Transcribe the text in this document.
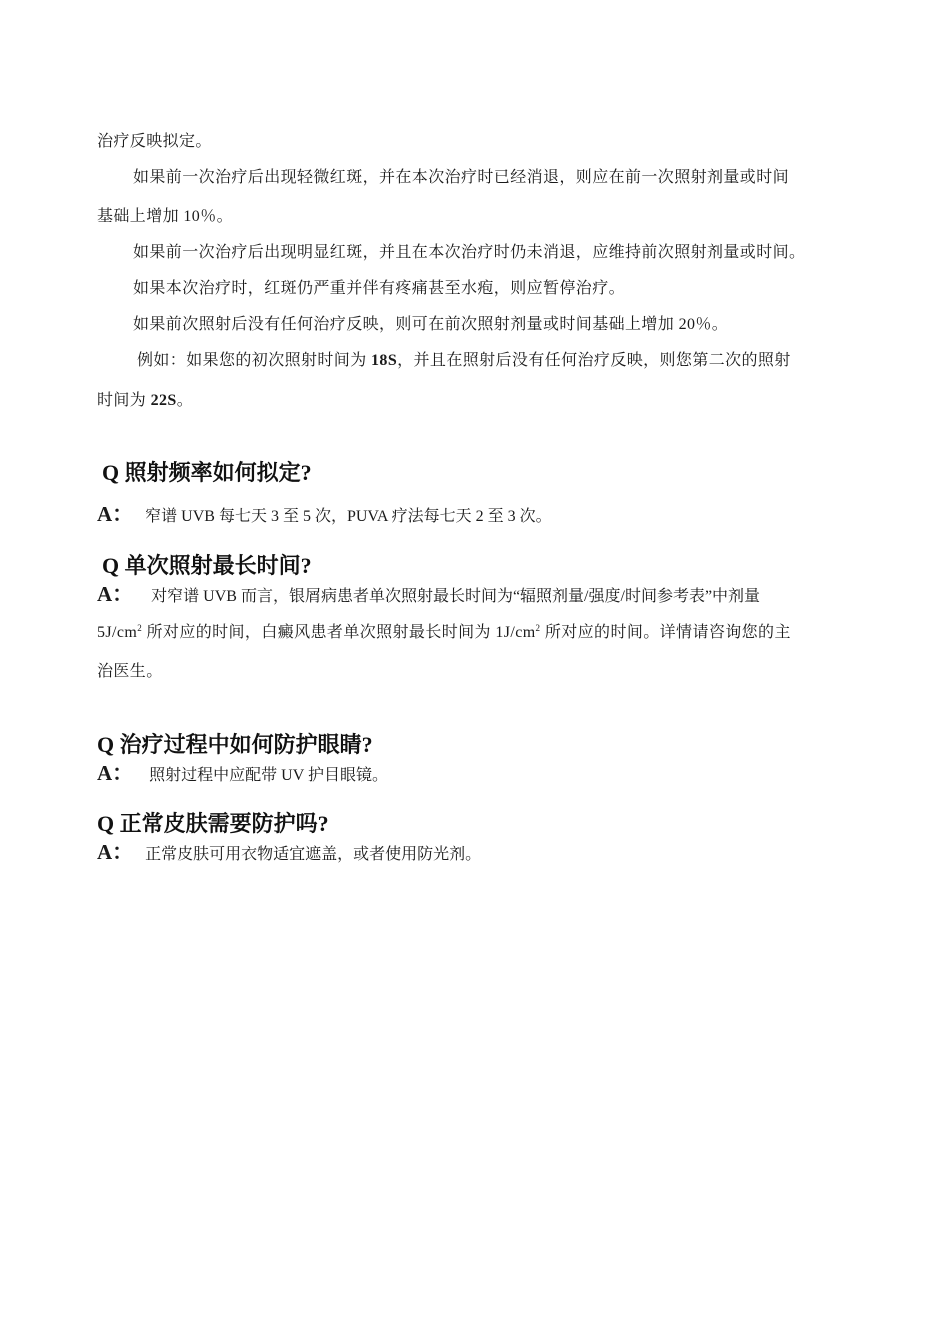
治疗反映拟定。
如果前一次治疗后出现轻微红斑，并在本次治疗时已经消退，则应在前一次照射剂量或时间
基础上增加 10％。
如果前一次治疗后出现明显红斑，并且在本次治疗时仍未消退，应维持前次照射剂量或时间。
如果本次治疗时，红斑仍严重并伴有疼痛甚至水疱，则应暂停治疗。
如果前次照射后没有任何治疗反映，则可在前次照射剂量或时间基础上增加 20％。
例如：如果您的初次照射时间为 18S，并且在照射后没有任何治疗反映，则您第二次的照射
时间为 22S。
Q 照射频率如何拟定?
A： 窄谱 UVB 每七天 3 至 5 次，PUVA 疗法每七天 2 至 3 次。
Q 单次照射最长时间?
A： 对窄谱 UVB 而言，银屑病患者单次照射最长时间为“辐照剂量/强度/时间参考表”中剂量
$5J/cm^2$ 所对应的时间，白癜风患者单次照射最长时间为 $1J/cm^2$ 所对应的时间。详情请咨询您的主
治医生。
Q 治疗过程中如何防护眼睛?
A： 照射过程中应配带 UV 护目眼镜。
Q 正常皮肤需要防护吗?
A： 正常皮肤可用衣物适宜遮盖，或者使用防光剂。
